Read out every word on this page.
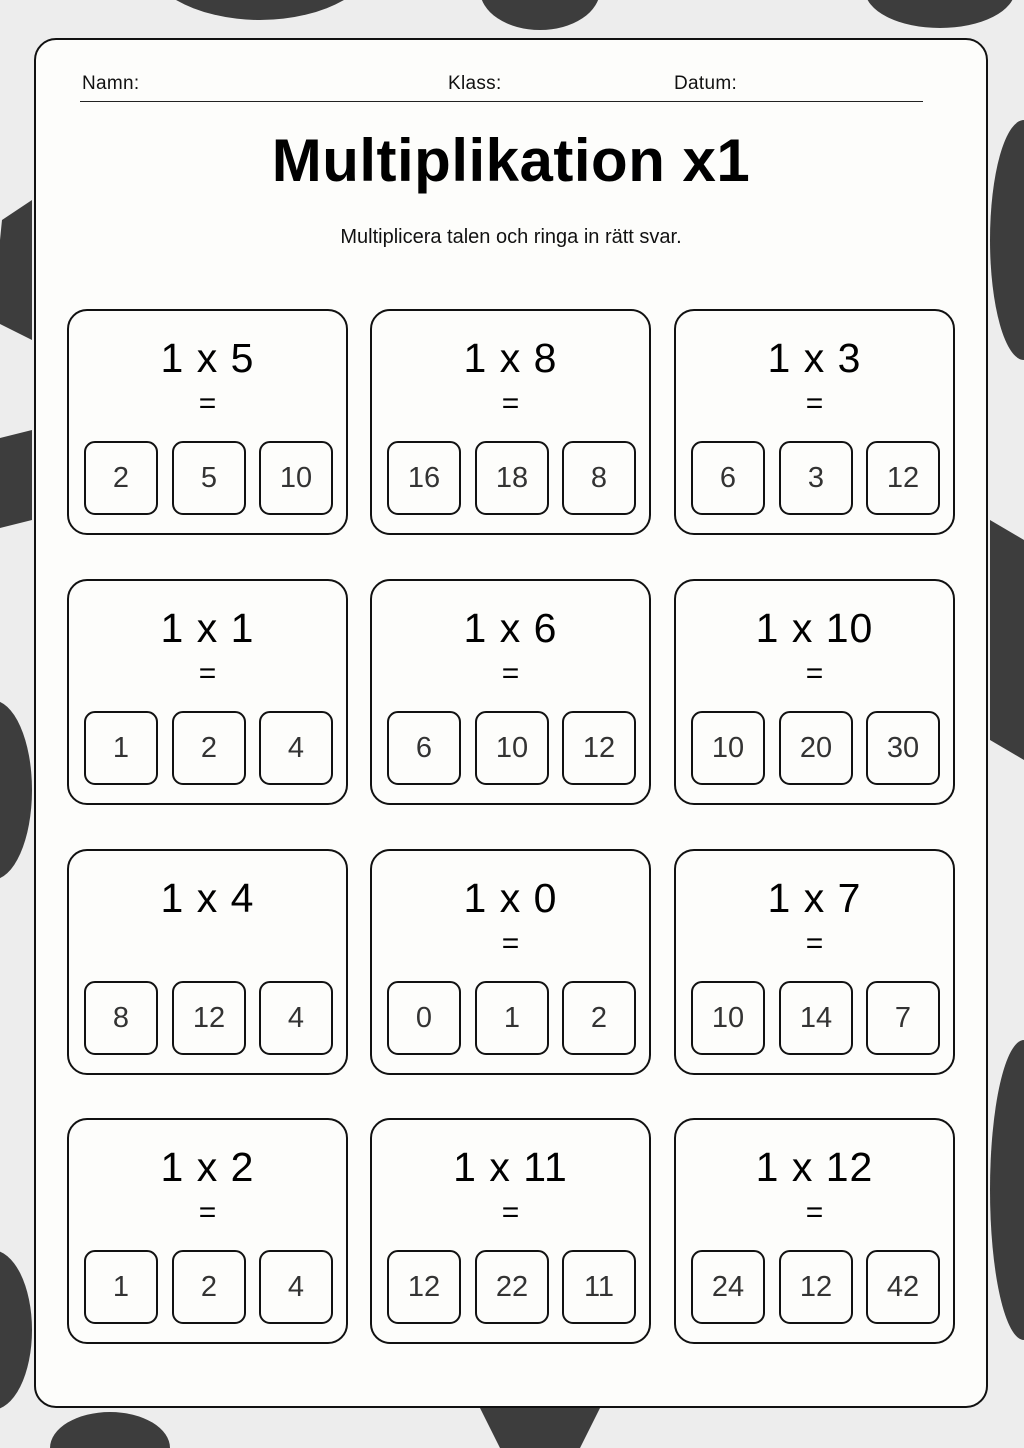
Namn:	Klass:	Datum:
Multiplikation x1
Multiplicera talen och ringa in rätt svar.
1 x 5
=
2	5	10
1 x 8
=
16	18	8
1 x 3
=
6	3	12
1 x 1
=
1	2	4
1 x 6
=
6	10	12
1 x 10
=
10	20	30
1 x 4
8	12	4
1 x 0
=
0	1	2
1 x 7
=
10	14	7
1 x 2
=
1	2	4
1 x 11
=
12	22	11
1 x 12
=
24	12	42
